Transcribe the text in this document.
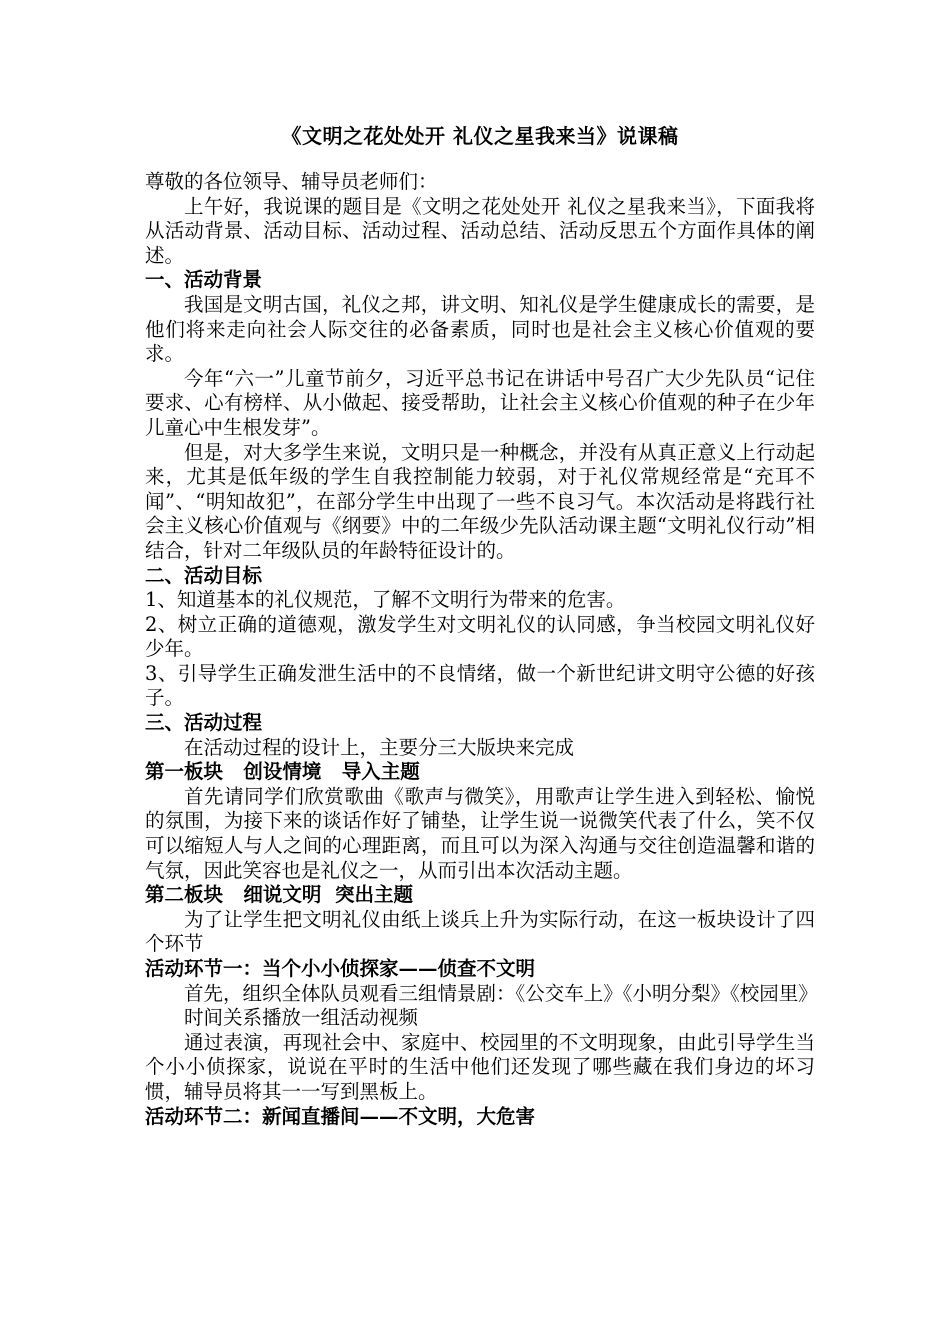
《文明之花处处开 礼仪之星我来当》说课稿

尊敬的各位领导、辅导员老师们：

上午好，我说课的题目是《文明之花处处开 礼仪之星我来当》，下面我将从活动背景、活动目标、活动过程、活动总结、活动反思五个方面作具体的阐述。

一、活动背景

我国是文明古国，礼仪之邦，讲文明、知礼仪是学生健康成长的需要，是他们将来走向社会人际交往的必备素质，同时也是社会主义核心价值观的要求。

今年“六一”儿童节前夕，习近平总书记在讲话中号召广大少先队员“记住要求、心有榜样、从小做起、接受帮助，让社会主义核心价值观的种子在少年儿童心中生根发芽”。

但是，对大多学生来说，文明只是一种概念，并没有从真正意义上行动起来，尤其是低年级的学生自我控制能力较弱，对于礼仪常规经常是“充耳不闻”、“明知故犯”，在部分学生中出现了一些不良习气。本次活动是将践行社会主义核心价值观与《纲要》中的二年级少先队活动课主题“文明礼仪行动”相结合，针对二年级队员的年龄特征设计的。

二、活动目标

1、知道基本的礼仪规范，了解不文明行为带来的危害。

2、树立正确的道德观，激发学生对文明礼仪的认同感，争当校园文明礼仪好少年。

3、引导学生正确发泄生活中的不良情绪，做一个新世纪讲文明守公德的好孩子。

三、活动过程

在活动过程的设计上，主要分三大版块来完成

第一板块   创设情境   导入主题

首先请同学们欣赏歌曲《歌声与微笑》，用歌声让学生进入到轻松、愉悦的氛围，为接下来的谈话作好了铺垫，让学生说一说微笑代表了什么，笑不仅可以缩短人与人之间的心理距离，而且可以为深入沟通与交往创造温馨和谐的气氛，因此笑容也是礼仪之一，从而引出本次活动主题。

第二板块   细说文明  突出主题

为了让学生把文明礼仪由纸上谈兵上升为实际行动，在这一板块设计了四个环节

活动环节一：当个小小侦探家——侦查不文明

首先，组织全体队员观看三组情景剧：《公交车上》《小明分梨》《校园里》

时间关系播放一组活动视频

通过表演，再现社会中、家庭中、校园里的不文明现象，由此引导学生当个小小侦探家，说说在平时的生活中他们还发现了哪些藏在我们身边的坏习惯，辅导员将其一一写到黑板上。

活动环节二：新闻直播间——不文明，大危害
